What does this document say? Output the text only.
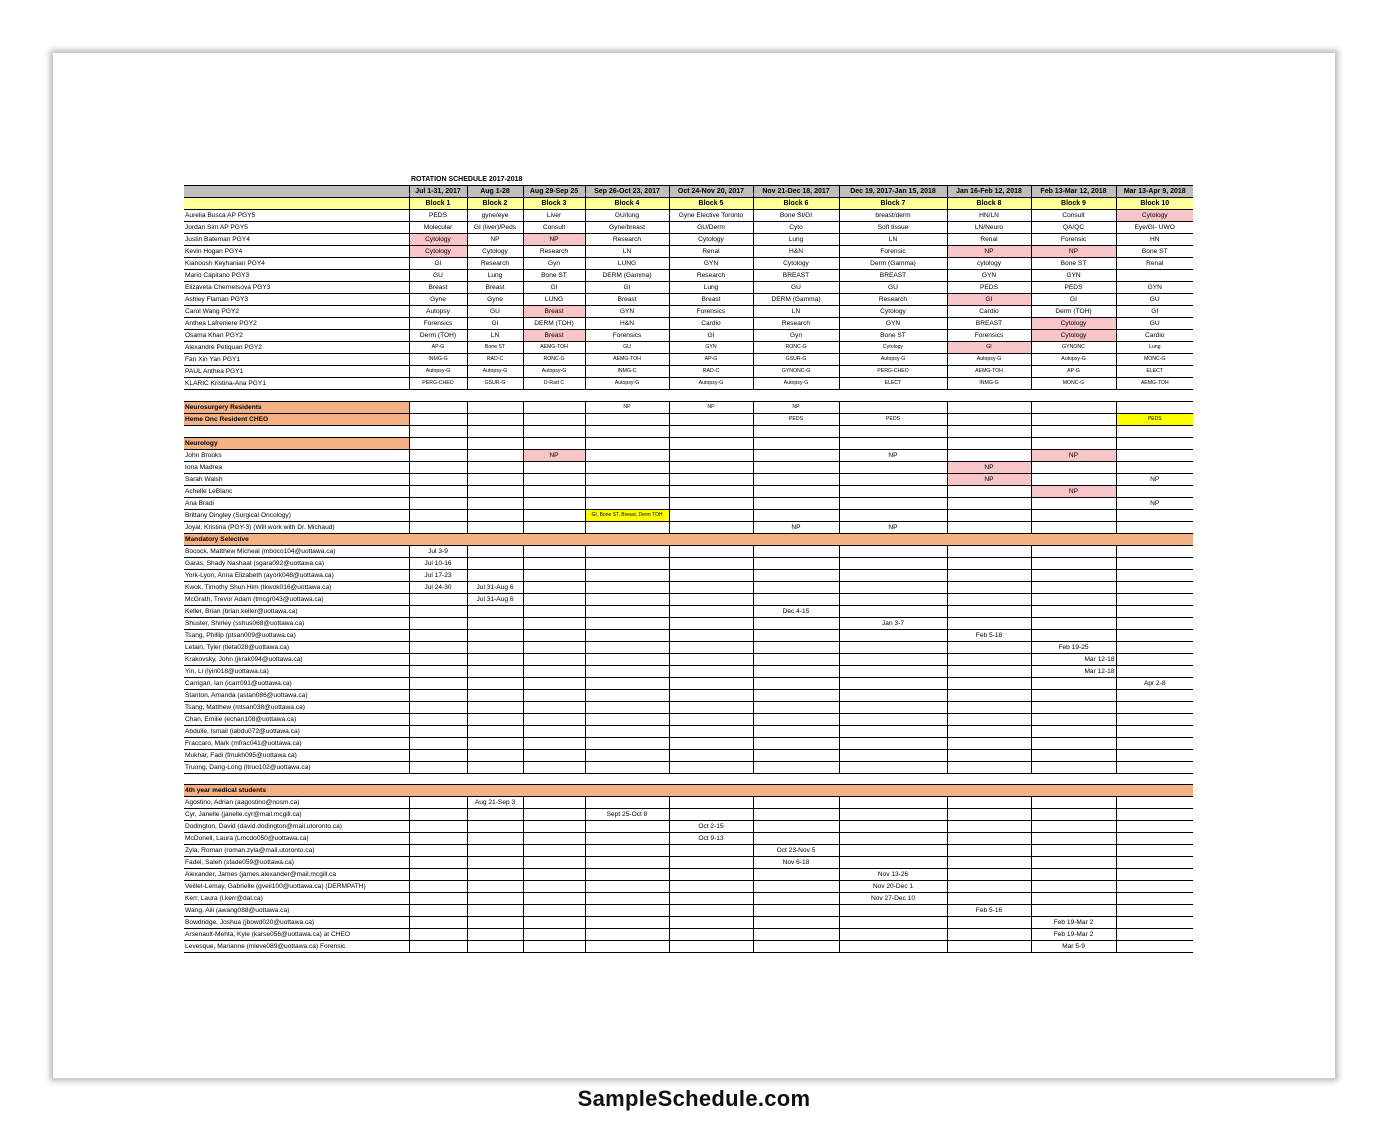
ROTATION SCHEDULE 2017-2018
	Jul 1-31, 2017	Aug 1-28	Aug 29-Sep 25	Sep 26-Oct 23, 2017	Oct 24-Nov 20, 2017	Nov 21-Dec 18, 2017	Dec 19, 2017-Jan 15, 2018	Jan 16-Feb 12, 2018	Feb 13-Mar 12, 2018	Mar 13-Apr 9, 2018
	Block 1	Block 2	Block 3	Block 4	Block 5	Block 6	Block 7	Block 8	Block 9	Block 10
Aurelia Busca AP PGY5	PEDS	gyne/eye	Liver	GU/lung	Gyne Elective Toronto	Bone St/GI	breast/derm	HN/LN	Consult	Cytology
Jordan Sim AP PGY5	Molecular	GI (liver)/Peds	Consult	Gyne/breast	GU/Derm	Cyto	Soft tissue	LN/Neuro	QA/QC	Eye/GI- UWO
Justin Bateman PGY4	Cytology	NP	NP	Research	Cytology	Lung	LN	Renal	Forensic	HN
Kevin Hogan PGY4	Cytology	Cytology	Research	LN	Renal	H&N	Forensic	NP	NP	Bone ST
Kianoosh Keyhanian PGY4	GI	Research	Gyn	LUNG	GYN	Cytology	Derm (Gamma)	cytology	Bone ST	Renal
Mario Capitano PGY3	GU	Lung	Bone ST	DERM (Gamma)	Research	BREAST	BREAST	GYN	GYN	
Elizaveta Chernetsova PGY3	Breast	Breast	GI	GI	Lung	GU	GU	PEDS	PEDS	GYN
Ashley Flaman PGY3	Gyne	Gyne	LUNG	Breast	Breast	DERM (Gamma)	Research	GI	GI	GU
Carol Wang PGY2	Autopsy	GU	Breast	GYN	Forensics	LN	Cytology	Cardio	Derm (TOH)	GI
Anthea Lafreniere PGY2	Forensics	GI	DERM (TOH)	H&N	Cardio	Research	GYN	BREAST	Cytology	GU
Osama Khan PGY2	Derm (TOH)	LN	Breast	Forensics	GI	Gyn	Bone ST	Forensics	Cytology	Cardio
Alexandre Petiquan PGY2	AP-G	Bone ST	AEMG-TOH	GU	GYN	RONC-G	Cytology	GI	GYNONC	Lung
Fan Xin Yan PGY1	INMG-G	RAD-C	RONC-G	AEMG-TOH	AP-G	GSUR-G	Autopsy-G	Autopsy-G	Autopsy-G	MONC-G
PAUL Anthea PGY1	Autopsy-G	Autopsy-G	Autopsy-G	INMG-C	RAD-C	GYNONC-G	PERG-CHEO	AEMG-TOH	AP-G	ELECT
KLARIC Kristina-Ana PGY1	PERG-CHEO	GSUR-G	D-Rad C	Autopsy-G	Autopsy-G	Autopsy-G	ELECT	INMG-G	MONC-G	AEMG-TOH

Neurosurgery Residents				NP	NP	NP				
Heme Onc Resident CHEO						PEDS	PEDS			PEDS

Neurology										
John Brooks			NP				NP		NP	
Iona Madrea								NP		
Sarah Walsh								NP		NP
Achelle LeBlanc									NP	
Ana Bradi										NP
Brittany Dingley (Surgical Oncology)				GI, Bone ST, Breast, Derm TOH						
Joyal, Kristina (PGY-3) (Will work with Dr. Michaud)						NP	NP			
Mandatory Selective										
Bocock, Matthew Micheal (mboco104@uottawa.ca)	Jul 3-9									
Garas, Shady Nashaat (sgara092@uottawa.ca)	Jul 10-16									
York-Lyon, Anna Elizabeth (ayork048@uottawa.ca)	Jul 17-23									
Kwok, Timothy Shun Him (tkwok016@uottawa.ca)	Jul 24-30	Jul 31-Aug 6								
McGrath, Trevor Adam (tmcgr043@uottawa.ca)		Jul 31-Aug 6								
Keller, Brian (brian.keller@uottawa.ca)						Dec 4-15				
Shuster, Shirley (sshus068@uottawa.ca)							Jan 3-7			
Tsang, Phillip (ptsan009@uottawa.ca)								Feb 5-18		
Letain, Tyler (tleta028@uottawa.ca)									Feb 19-25	
Krakovsky, John (jkrak094@uottawa.ca)									Mar 12-18	
Yin, Li (lyin018@uottawa.ca)									Mar 12-18	
Carrigan, Ian (icarr091@uottawa.ca)										Apr 2-8
Stanton, Amanda (astan086@uottawa.ca)										
Tsang, Matthew (mtsan038@uottawa.ca)										
Chan, Emilie (echan108@uottawa.ca)										
Abdulle, Ismail (iabdu072@uottawa.ca)										
Fraccaro, Mark (mfrac041@uottawa.ca)										
Mukhar, Fadi (fmukh095@uottawa.ca)										
Truong, Dang-Long (ltruo102@uottawa.ca)										

4th year medical students										
Agostino, Adrian (aagostino@nosm.ca)		Aug 21-Sep 3								
Cyr, Janelle (janelle.cyr@mail.mcgill.ca)				Sept 25-Oct 8						
Dodington, David (david.dodington@mail.utoronto.ca)					Oct 2-15					
McDonell, Laura (Lmcdo050@uottawa.ca)					Oct 9-13					
Zyla, Roman (roman.zyla@mail.utoronto.ca)						Oct 23-Nov 5				
Fadel, Saleh (sfade059@uottawa.ca)						Nov 6-18				
Alexander, James (james.alexander@mail.mcgill.ca							Nov 13-26			
Veillet-Lemay, Gabrielle (gveil100@uottawa.ca) (DERMPATH)							Nov 20-Dec 1			
Kerr, Laura (l.kerr@dal.ca)							Nov 27-Dec 10			
Wang, Aili (awang088@uottawa.ca)								Feb 5-16		
Bowdridge, Joshua (jbowd020@uottawa.ca)									Feb 19-Mar 2	
Arsenault-Mehta, Kyle (karse056@uottawa.ca) at CHEO									Feb 19-Mar 2	
Levesque, Marianne (mleve089@uottawa.ca) Forensic									Mar 5-9	
SampleSchedule.com
